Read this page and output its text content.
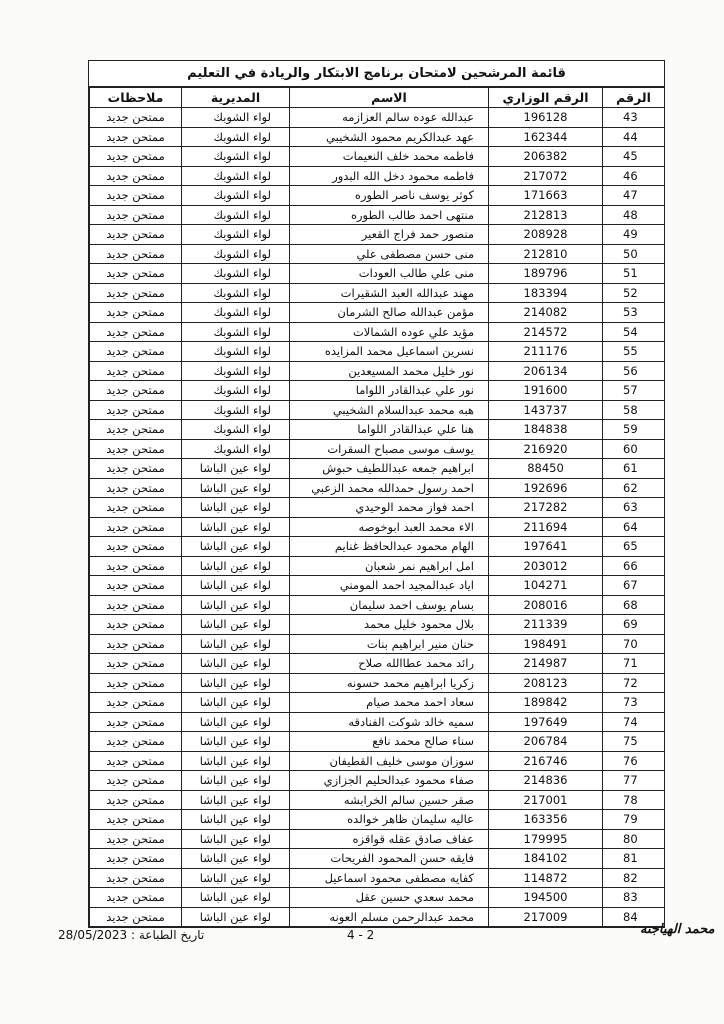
قائمة المرشحين لامتحان برنامج الابتكار والريادة في التعليم
الرقم	الرقم الوزاري	الاسم	المديرية	ملاحظات
43	196128	عبدالله عوده سالم العزازمه	لواء الشوبك	ممتحن جديد
44	162344	عهد عبدالكريم محمود الشخيبي	لواء الشوبك	ممتحن جديد
45	206382	فاطمه محمد خلف النعيمات	لواء الشوبك	ممتحن جديد
46	217072	فاطمه محمود دخل الله البدور	لواء الشوبك	ممتحن جديد
47	171663	كوثر يوسف ناصر الطوره	لواء الشوبك	ممتحن جديد
48	212813	منتهى احمد طالب الطوره	لواء الشوبك	ممتحن جديد
49	208928	منصور حمد فراج القعير	لواء الشوبك	ممتحن جديد
50	212810	منى حسن مصطفى علي	لواء الشوبك	ممتحن جديد
51	189796	منى علي طالب العودات	لواء الشوبك	ممتحن جديد
52	183394	مهند عبدالله العبد الشقيرات	لواء الشوبك	ممتحن جديد
53	214082	مؤمن عبدالله صالح الشرمان	لواء الشوبك	ممتحن جديد
54	214572	مؤيد علي عوده الشمالات	لواء الشوبك	ممتحن جديد
55	211176	نسرين اسماعيل محمد المزايده	لواء الشوبك	ممتحن جديد
56	206134	نور خليل محمد المسيعدين	لواء الشوبك	ممتحن جديد
57	191600	نور علي عبدالقادر اللواما	لواء الشوبك	ممتحن جديد
58	143737	هبه محمد عبدالسلام الشخيبي	لواء الشوبك	ممتحن جديد
59	184838	هنا علي عبدالقادر اللواما	لواء الشوبك	ممتحن جديد
60	216920	يوسف موسى مصباح السقرات	لواء الشوبك	ممتحن جديد
61	88450	ابراهيم جمعه عبداللطيف حبوش	لواء عين الباشا	ممتحن جديد
62	192696	احمد رسول حمدالله محمد الزعبي	لواء عين الباشا	ممتحن جديد
63	217282	احمد فواز محمد الوحيدي	لواء عين الباشا	ممتحن جديد
64	211694	الاء محمد العبد ابوخوصه	لواء عين الباشا	ممتحن جديد
65	197641	الهام محمود عبدالحافظ غنايم	لواء عين الباشا	ممتحن جديد
66	203012	امل ابراهيم نمر شعبان	لواء عين الباشا	ممتحن جديد
67	104271	اياد عبدالمجيد احمد المومني	لواء عين الباشا	ممتحن جديد
68	208016	بسام يوسف احمد سليمان	لواء عين الباشا	ممتحن جديد
69	211339	بلال محمود خليل محمد	لواء عين الباشا	ممتحن جديد
70	198491	حنان منير ابراهيم بنات	لواء عين الباشا	ممتحن جديد
71	214987	رائد محمد عطاالله صلاح	لواء عين الباشا	ممتحن جديد
72	208123	زكريا ابراهيم محمد حسونه	لواء عين الباشا	ممتحن جديد
73	189842	سعاد احمد محمد صيام	لواء عين الباشا	ممتحن جديد
74	197649	سميه خالد شوكت الفنادقه	لواء عين الباشا	ممتحن جديد
75	206784	سناء صالح محمد نافع	لواء عين الباشا	ممتحن جديد
76	216746	سوزان موسى خليف القطيفان	لواء عين الباشا	ممتحن جديد
77	214836	صفاء محمود عبدالحليم الجزازي	لواء عين الباشا	ممتحن جديد
78	217001	صقر حسين سالم الخرابشه	لواء عين الباشا	ممتحن جديد
79	163356	عاليه سليمان ظاهر خوالده	لواء عين الباشا	ممتحن جديد
80	179995	عفاف صادق عقله قواقزه	لواء عين الباشا	ممتحن جديد
81	184102	فايقه حسن المحمود الفريحات	لواء عين الباشا	ممتحن جديد
82	114872	كفايه مصطفى محمود اسماعيل	لواء عين الباشا	ممتحن جديد
83	194500	محمد سعدي حسين عقل	لواء عين الباشا	ممتحن جديد
84	217009	محمد عبدالرحمن مسلم العونه	لواء عين الباشا	ممتحن جديد
تاريخ الطباعة : 28/05/2023	4 - 2	محمد الهياجنه
